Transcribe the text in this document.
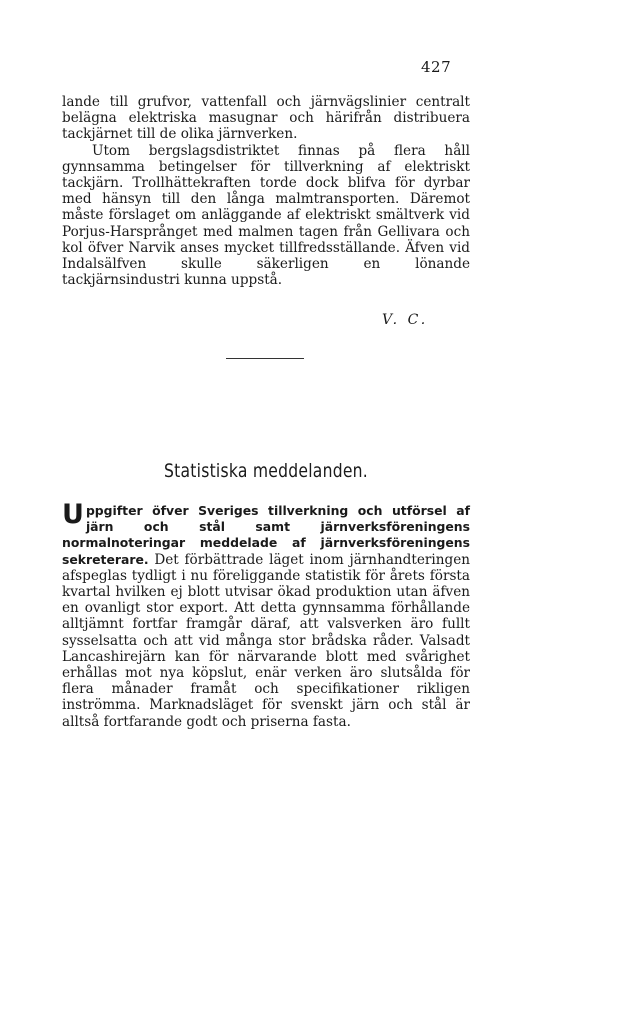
427

lande till grufvor, vattenfall och järnvägslinier centralt belägna elektriska masugnar och härifrån distribuera tackjärnet till de olika järnverken.

Utom bergslagsdistriktet finnas på flera håll gynnsamma betingelser för tillverkning af elektriskt tackjärn. Trollhättekraften torde dock blifva för dyrbar med hänsyn till den långa malmtransporten. Däremot måste förslaget om anläggande af elektriskt smältverk vid Porjus-Harsprånget med malmen tagen från Gellivara och kol öfver Narvik anses mycket tillfredsställande. Äfven vid Indalsälfven skulle säkerligen en lönande tackjärnsindustri kunna uppstå.

V. C.
Statistiska meddelanden.

Uppgifter öfver Sveriges tillverkning och utförsel af järn och stål samt järnverksföreningens normalnoteringar meddelade af järnverksföreningens sekreterare. Det förbättrade läget inom järnhandteringen afspeglas tydligt i nu föreliggande statistik för årets första kvartal hvilken ej blott utvisar ökad produktion utan äfven en ovanligt stor export. Att detta gynnsamma förhållande alltjämnt fortfar framgår däraf, att valsverken äro fullt sysselsatta och att vid många stor brådska råder. Valsadt Lancashirejärn kan för närvarande blott med svårighet erhållas mot nya köpslut, enär verken äro slutsålda för flera månader framåt och specifikationer rikligen inströmma. Marknadsläget för svenskt järn och stål är alltså fortfarande godt och priserna fasta.
